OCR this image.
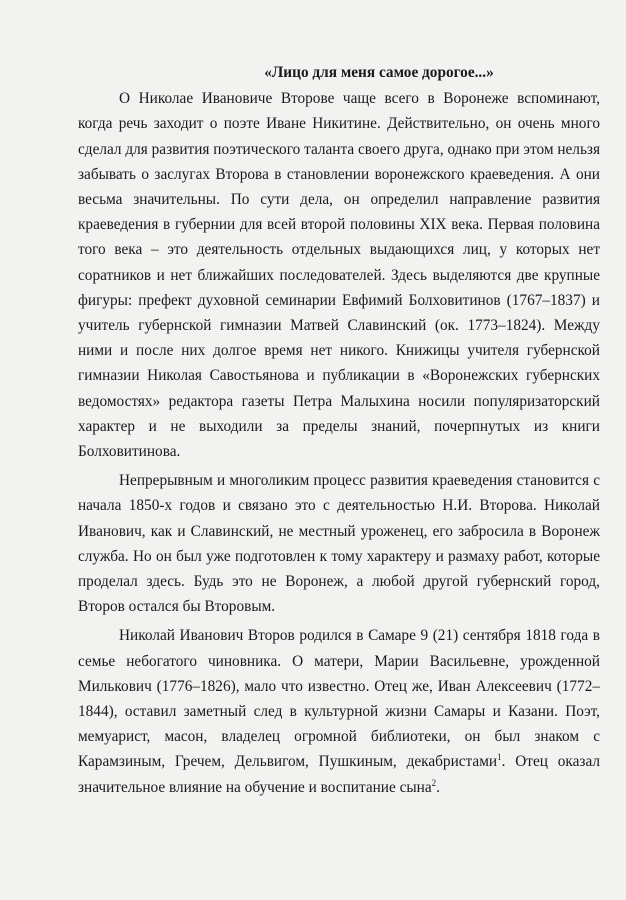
«Лицо для меня самое дорогое...»

О Николае Ивановиче Второве чаще всего в Воронеже вспоминают, когда речь заходит о поэте Иване Никитине. Действительно, он очень много сделал для развития поэтического таланта своего друга, однако при этом нельзя забывать о заслугах Второва в становлении воронежского краеведения. А они весьма значительны. По сути дела, он определил направление развития краеведения в губернии для всей второй половины XIX века. Первая половина того века – это деятельность отдельных выдающихся лиц, у которых нет соратников и нет ближайших последователей. Здесь выделяются две крупные фигуры: префект духовной семинарии Евфимий Болховитинов (1767–1837) и учитель губернской гимназии Матвей Славинский (ок. 1773–1824). Между ними и после них долгое время нет никого. Книжицы учителя губернской гимназии Николая Савостьянова и публикации в «Воронежских губернских ведомостях» редактора газеты Петра Малыхина носили популяризаторский характер и не выходили за пределы знаний, почерпнутых из книги Болховитинова.

Непрерывным и многоликим процесс развития краеведения становится с начала 1850-х годов и связано это с деятельностью Н.И. Второва. Николай Иванович, как и Славинский, не местный уроженец, его забросила в Воронеж служба. Но он был уже подготовлен к тому характеру и размаху работ, которые проделал здесь. Будь это не Воронеж, а любой другой губернский город, Второв остался бы Второвым.

Николай Иванович Второв родился в Самаре 9 (21) сентября 1818 года в семье небогатого чиновника. О матери, Марии Васильевне, урожденной Милькович (1776–1826), мало что известно. Отец же, Иван Алексеевич (1772–1844), оставил заметный след в культурной жизни Самары и Казани. Поэт, мемуарист, масон, владелец огромной библиотеки, он был знаком с Карамзиным, Гречем, Дельвигом, Пушкиным, декабристами$^1$. Отец оказал значительное влияние на обучение и воспитание сына$^2$.
